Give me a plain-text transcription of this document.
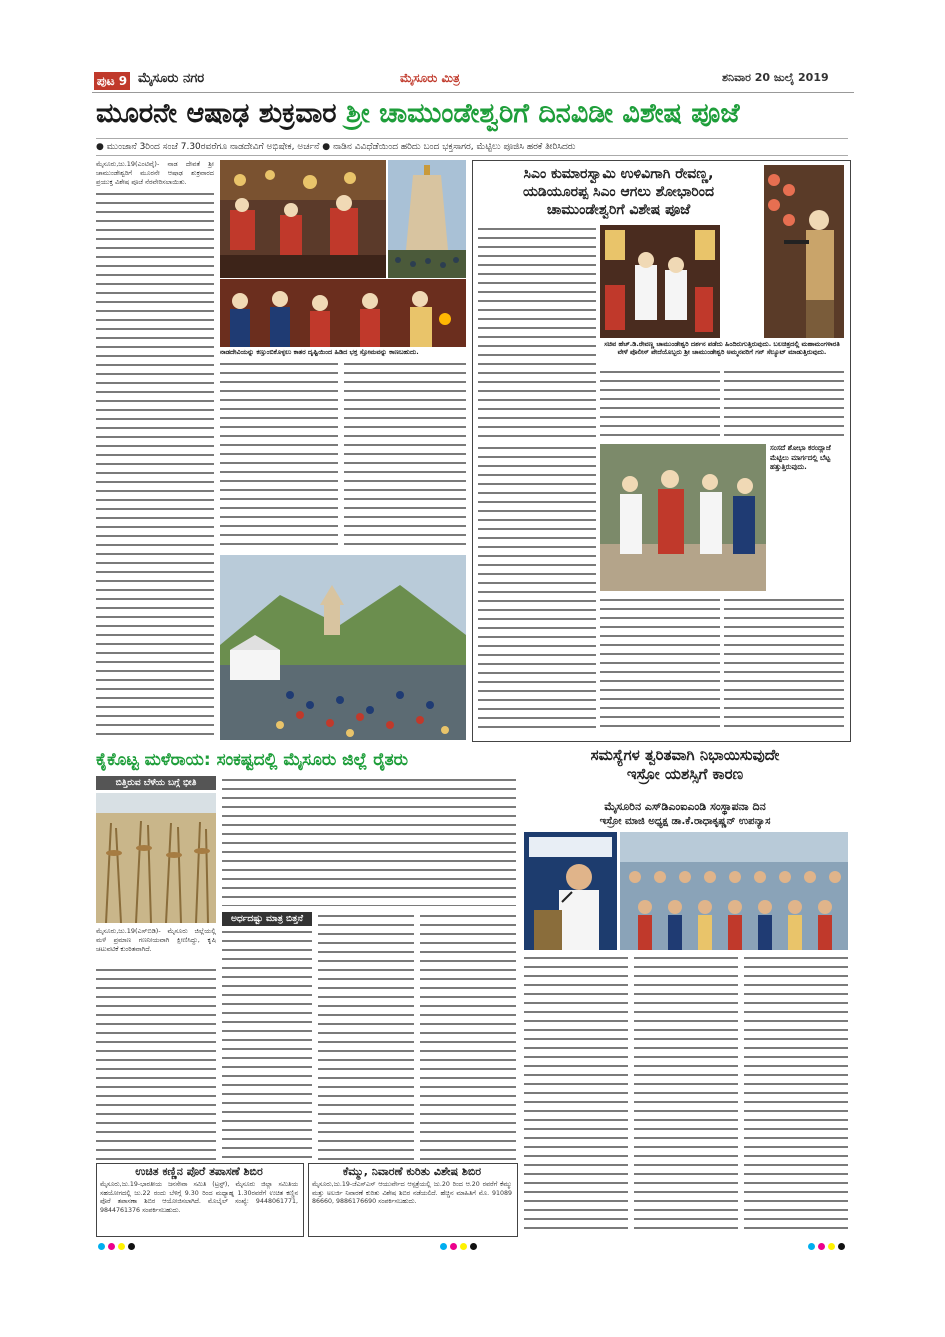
ಪುಟ 9 ಮೈಸೂರು ನಗರ	ಮೈಸೂರು ಮಿತ್ರ	ಶನಿವಾರ 20 ಜುಲೈ 2019
ಮೂರನೇ ಆಷಾಢ ಶುಕ್ರವಾರ ಶ್ರೀ ಚಾಮುಂಡೇಶ್ವರಿಗೆ ದಿನವಿಡೀ ವಿಶೇಷ ಪೂಜೆ
● ಮುಂಜಾನೆ 3ರಿಂದ ಸಂಜೆ 7.30ರವರೆಗೂ ನಾಡದೇವಿಗೆ ಅಭಿಷೇಕ, ಅರ್ಚನೆ ● ನಾಡಿನ ವಿವಿಧೆಡೆಯಿಂದ ಹರಿದು ಬಂದ ಭಕ್ತಸಾಗರ, ಮೆಟ್ಟಿಲು ಪೂಜಿಸಿ ಹರಕೆ ತೀರಿಸಿದರು
ಮೈಸೂರು,ಜು.19(ಎಂಟಿವೈ)- ನಾಡ ದೇವತೆ ಶ್ರೀ ಚಾಮುಂಡೇಶ್ವರಿಗೆ ಮೂರನೇ ಆಷಾಢ ಶುಕ್ರವಾರದ ಪ್ರಯುಕ್ತ ವಿಶೇಷ ಪೂಜೆ ನೆರವೇರಿಸಲಾಯಿತು.
ನಾಡದೇವಿಯನ್ನು ಕಣ್ತುಂಬಿಕೊಳ್ಳಲು ಕಾತರ ದೃಷ್ಟಿಯಿಂದ ಹಿಡಿದ ಭಕ್ತ ಸ್ತೋಮವನ್ನು ಕಾಣಬಹುದು.
ಸಿಎಂ ಕುಮಾರಸ್ವಾಮಿ ಉಳಿವಿಗಾಗಿ ರೇವಣ್ಣ,
ಯಡಿಯೂರಪ್ಪ ಸಿಎಂ ಆಗಲು ಶೋಭಾರಿಂದ
ಚಾಮುಂಡೇಶ್ವರಿಗೆ ವಿಶೇಷ ಪೂಜೆ
ಸಚಿವ ಹೆಚ್.ಡಿ.ರೇವಣ್ಣ ಚಾಮುಂಡೇಶ್ವರಿ ದರ್ಶನ ಪಡೆದು ಹಿಂದಿರುಗುತ್ತಿರುವುದು. ಬಲಚಿತ್ರದಲ್ಲಿ ಮಹಾಮಂಗಳಾರತಿ ವೇಳೆ ಪೊಲೀಸ್ ಪೇದೆಯೊಬ್ಬರು ಶ್ರೀ ಚಾಮುಂಡೇಶ್ವರಿ ಅಮ್ಮನವರಿಗೆ ಗನ್ ಸೆಲ್ಯೂಟ್ ಮಾಡುತ್ತಿರುವುದು.
ಸಂಸದೆ ಶೋಭಾ ಕರಂದ್ಲಾಜೆ ಮೆಟ್ಟಿಲು ಮಾರ್ಗದಲ್ಲಿ ಬೆಟ್ಟ ಹತ್ತುತ್ತಿರುವುದು.
ಕೈಕೊಟ್ಟ ಮಳೆರಾಯ: ಸಂಕಷ್ಟದಲ್ಲಿ ಮೈಸೂರು ಜಿಲ್ಲೆ ರೈತರು
ಬಿತ್ತಿರುವ ಬೆಳೆಯ ಬಗ್ಗೆ ಭೀತಿ
ಮೈಸೂರು,ಜು.19(ಎಸ್‌ಬಿಡಿ)- ಮೈಸೂರು ಜಿಲ್ಲೆಯಲ್ಲಿ ಮಳೆ ಪ್ರಮಾಣ ಗಣನೀಯವಾಗಿ ಕ್ಷೀಣಿಸಿದ್ದು, ಕೃಷಿ ಚಟುವಟಿಕೆ ಕುಂಠಿತವಾಗಿದೆ.
ಅರ್ಧದಷ್ಟು ಮಾತ್ರ ಬಿತ್ತನೆ
ಸಮಸ್ಯೆಗಳ ತ್ವರಿತವಾಗಿ ನಿಭಾಯಿಸುವುದೇ
ಇಸ್ರೋ ಯಶಸ್ಸಿಗೆ ಕಾರಣ
ಮೈಸೂರಿನ ಎಸ್‌ಡಿಎಂಐಎಂಡಿ ಸಂಸ್ಥಾಪನಾ ದಿನ
ಇಸ್ರೋ ಮಾಜಿ ಅಧ್ಯಕ್ಷ ಡಾ.ಕೆ.ರಾಧಾಕೃಷ್ಣನ್ ಉಪನ್ಯಾಸ
ಉಚಿತ ಕಣ್ಣಿನ ಪೊರೆ ತಪಾಸಣೆ ಶಿಬಿರ
ಮೈಸೂರು,ಜು.19-ಭಾರತೀಯ ಜನಸೇವಾ ಸಮಿತಿ (ಟ್ರಸ್ಟ್), ಮೈಸೂರು ಜಿಲ್ಲಾ ಸಮಿತಿಯ ಸಹಯೋಗದಲ್ಲಿ ಜು.22 ರಂದು ಬೆಳಿಗ್ಗೆ 9.30 ರಿಂದ ಮಧ್ಯಾಹ್ನ 1.30ರವರೆಗೆ ಉಚಿತ ಕಣ್ಣಿನ ಪೊರೆ ತಪಾಸಣಾ ಶಿಬಿರ ಆಯೋಜಿಸಲಾಗಿದೆ. ಮೊಬೈಲ್ ಸಂಖ್ಯೆ: 9448061771, 9844761376 ಸಂಪರ್ಕಿಸಬಹುದು.
ಕೆಮ್ಮು, ನಿವಾರಣೆ ಕುರಿತು ವಿಶೇಷ ಶಿಬಿರ
ಮೈಸೂರು,ಜು.19-ಜೆಎಸ್‌ಎಸ್ ಆಯುರ್ವೇದ ಆಸ್ಪತ್ರೆಯಲ್ಲಿ ಜು.20 ರಿಂದ ಆ.20 ರವರೆಗೆ ಕೆಮ್ಮು ಮತ್ತು ಅಲರ್ಜಿ ನಿವಾರಣೆ ಕುರಿತು ವಿಶೇಷ ಶಿಬಿರ ನಡೆಯಲಿದೆ. ಹೆಚ್ಚಿನ ಮಾಹಿತಿಗೆ ಮೊ. 91089 86660, 9886176690 ಸಂಪರ್ಕಿಸಬಹುದು.
